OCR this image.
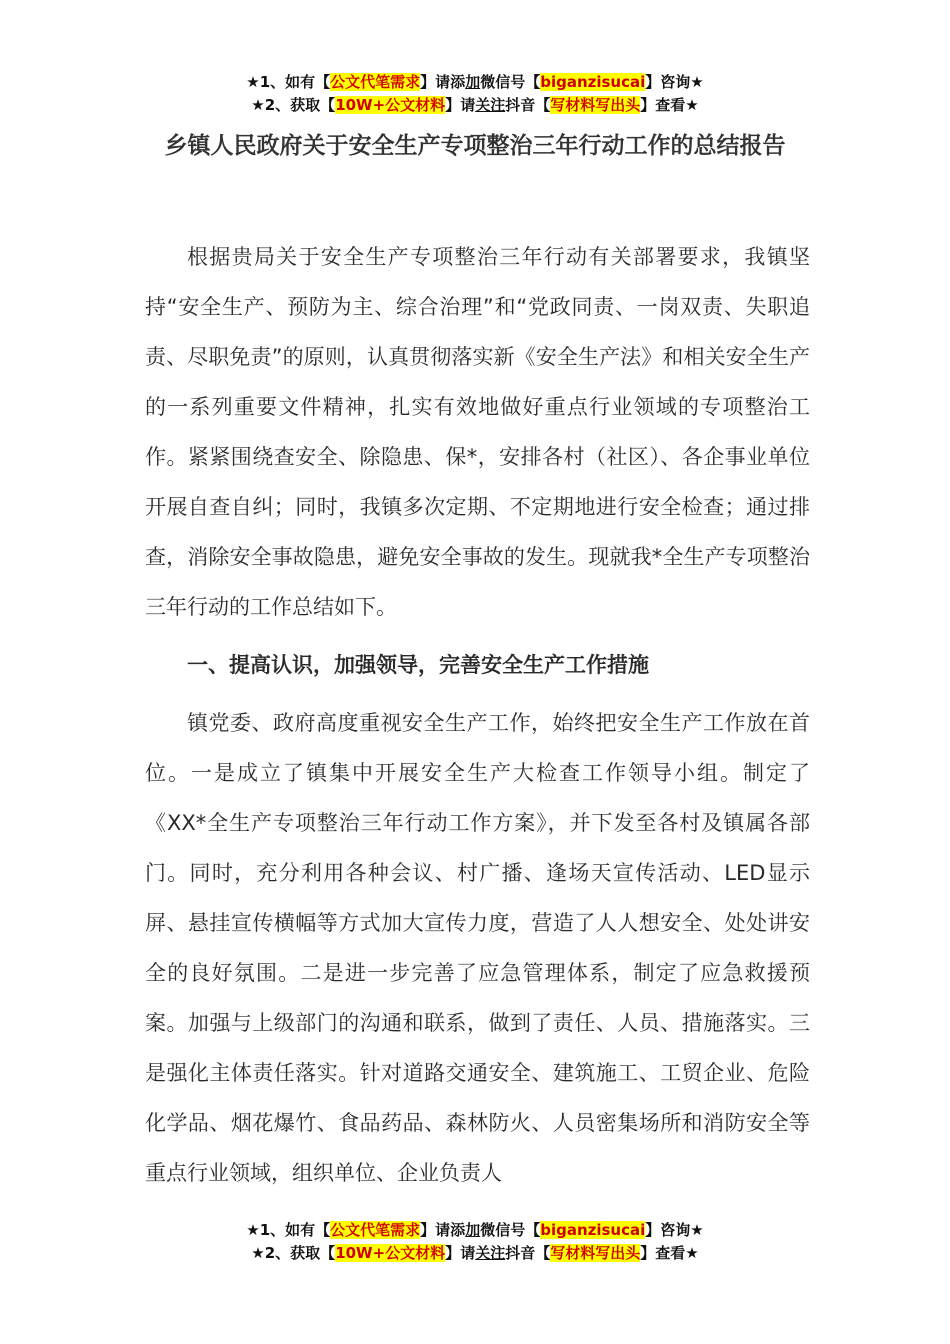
★1、如有【公文代笔需求】请添加微信号【biganzisucai】咨询★
★2、获取【10W+公文材料】请关注抖音【写材料写出头】查看★
乡镇人民政府关于安全生产专项整治三年行动工作的总结报告

根据贵局关于安全生产专项整治三年行动有关部署要求，我镇坚持“安全生产、预防为主、综合治理”和“党政同责、一岗双责、失职追责、尽职免责”的原则，认真贯彻落实新《安全生产法》和相关安全生产的一系列重要文件精神，扎实有效地做好重点行业领域的专项整治工作。紧紧围绕查安全、除隐患、保*，安排各村（社区）、各企事业单位开展自查自纠；同时，我镇多次定期、不定期地进行安全检查；通过排查，消除安全事故隐患，避免安全事故的发生。现就我*全生产专项整治三年行动的工作总结如下。

一、提高认识，加强领导，完善安全生产工作措施

镇党委、政府高度重视安全生产工作，始终把安全生产工作放在首位。一是成立了镇集中开展安全生产大检查工作领导小组。制定了《XX*全生产专项整治三年行动工作方案》，并下发至各村及镇属各部门。同时，充分利用各种会议、村广播、逢场天宣传活动、LED显示屏、悬挂宣传横幅等方式加大宣传力度，营造了人人想安全、处处讲安全的良好氛围。二是进一步完善了应急管理体系，制定了应急救援预案。加强与上级部门的沟通和联系，做到了责任、人员、措施落实。三是强化主体责任落实。针对道路交通安全、建筑施工、工贸企业、危险化学品、烟花爆竹、食品药品、森林防火、人员密集场所和消防安全等重点行业领域，组织单位、企业负责人

★1、如有【公文代笔需求】请添加微信号【biganzisucai】咨询★
★2、获取【10W+公文材料】请关注抖音【写材料写出头】查看★
